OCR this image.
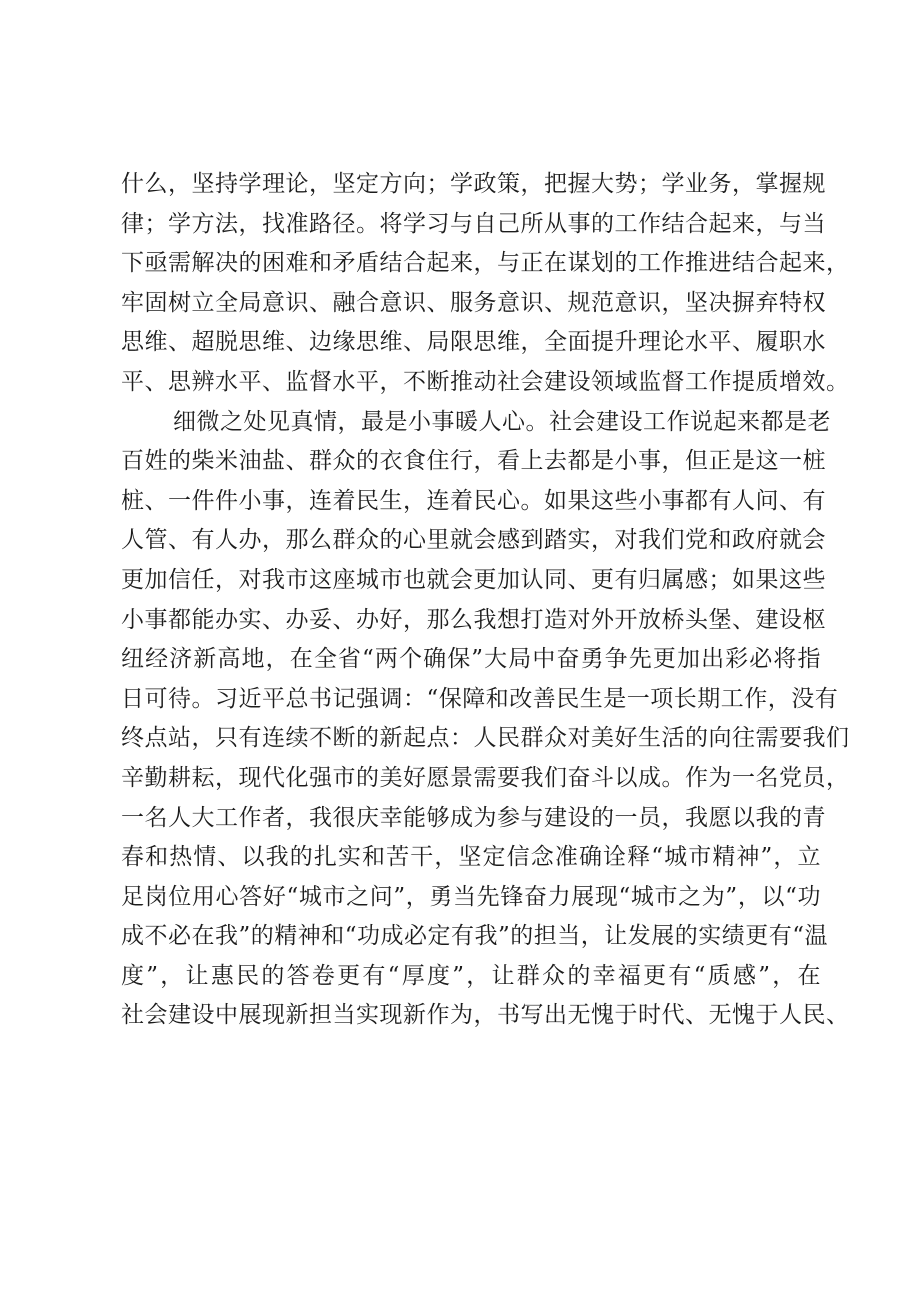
什么，坚持学理论，坚定方向；学政策，把握大势；学业务，掌握规
律；学方法，找准路径。将学习与自己所从事的工作结合起来，与当
下亟需解决的困难和矛盾结合起来，与正在谋划的工作推进结合起来，
牢固树立全局意识、融合意识、服务意识、规范意识，坚决摒弃特权
思维、超脱思维、边缘思维、局限思维，全面提升理论水平、履职水
平、思辨水平、监督水平，不断推动社会建设领域监督工作提质增效。
细微之处见真情，最是小事暖人心。社会建设工作说起来都是老
百姓的柴米油盐、群众的衣食住行，看上去都是小事，但正是这一桩
桩、一件件小事，连着民生，连着民心。如果这些小事都有人问、有
人管、有人办，那么群众的心里就会感到踏实，对我们党和政府就会
更加信任，对我市这座城市也就会更加认同、更有归属感；如果这些
小事都能办实、办妥、办好，那么我想打造对外开放桥头堡、建设枢
纽经济新高地，在全省“两个确保”大局中奋勇争先更加出彩必将指
日可待。习近平总书记强调：“保障和改善民生是一项长期工作，没有
终点站，只有连续不断的新起点：人民群众对美好生活的向往需要我们
辛勤耕耘，现代化强市的美好愿景需要我们奋斗以成。作为一名党员，
一名人大工作者，我很庆幸能够成为参与建设的一员，我愿以我的青
春和热情、以我的扎实和苦干，坚定信念准确诠释“城市精神”，立
足岗位用心答好“城市之问”，勇当先锋奋力展现“城市之为”，以“功
成不必在我”的精神和“功成必定有我”的担当，让发展的实绩更有“温
度”，让惠民的答卷更有“厚度”，让群众的幸福更有“质感”，在
社会建设中展现新担当实现新作为，书写出无愧于时代、无愧于人民、
